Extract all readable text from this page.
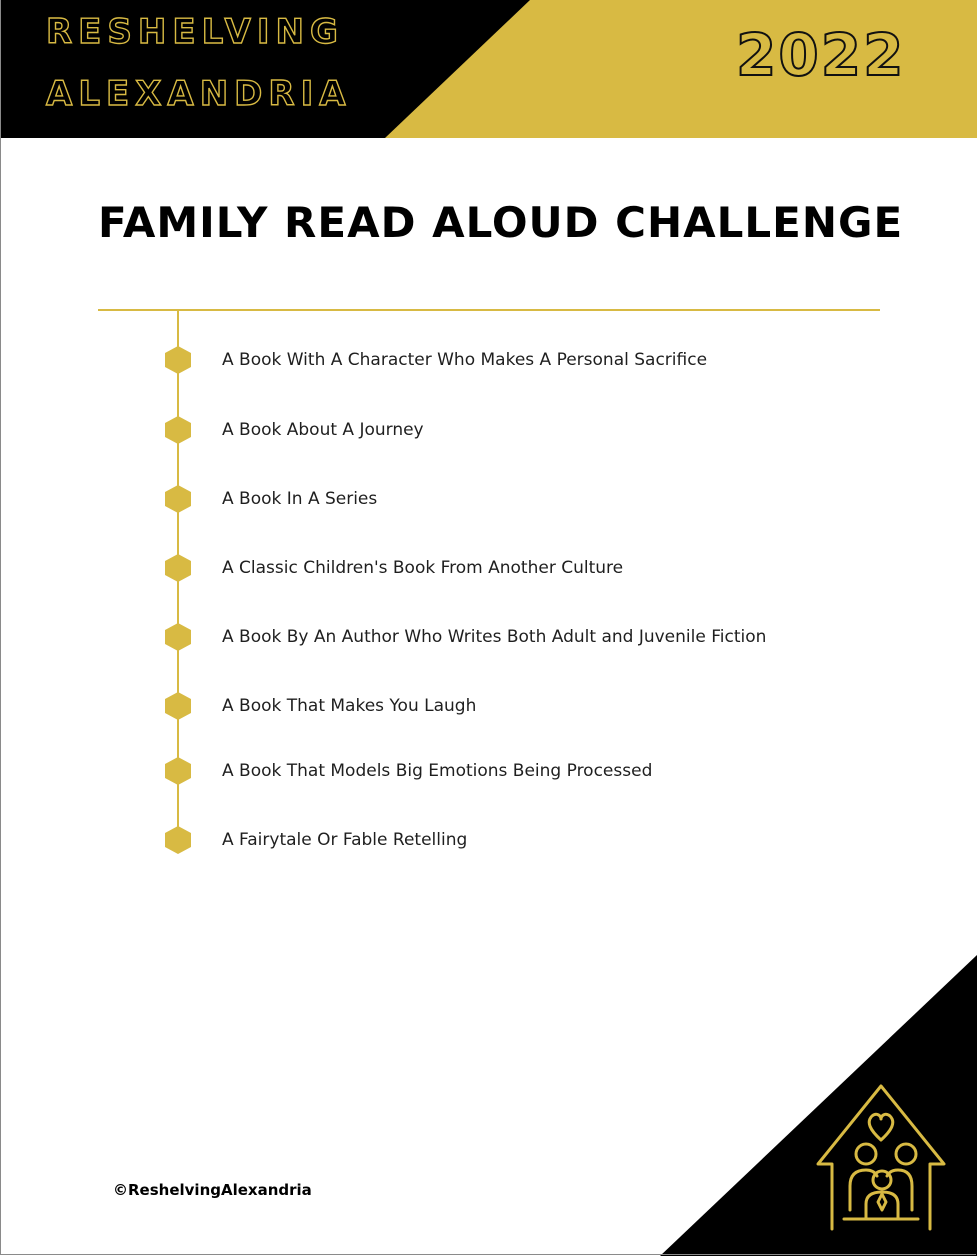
RESHELVING
ALEXANDRIA
2022
FAMILY READ ALOUD CHALLENGE
A Book With A Character Who Makes A Personal Sacrifice
A Book About A Journey
A Book In A Series
A Classic Children's Book From Another Culture
A Book By An Author Who Writes Both Adult and Juvenile Fiction
A Book That Makes You Laugh
A Book That Models Big Emotions Being Processed
A Fairytale Or Fable Retelling
©ReshelvingAlexandria
